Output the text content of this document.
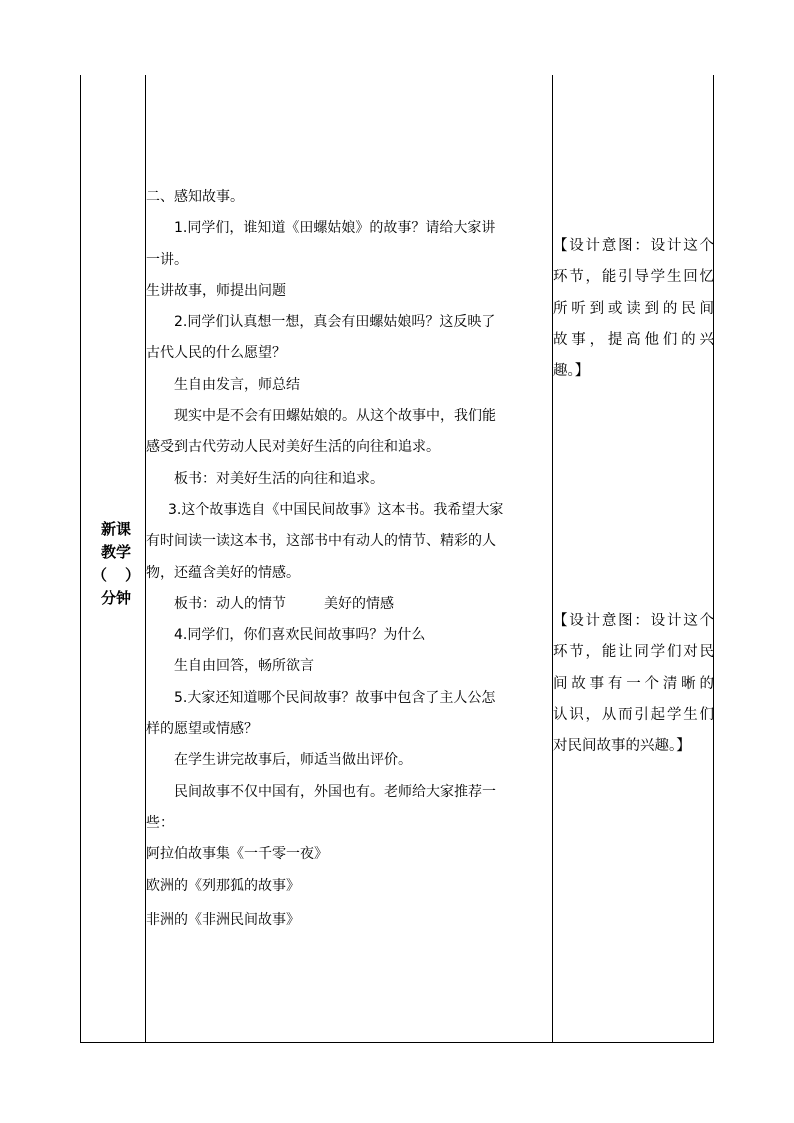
新课
教学
（ ）
分钟

二、感知故事。

1.同学们，谁知道《田螺姑娘》的故事？请给大家讲

一讲。

生讲故事，师提出问题

2.同学们认真想一想，真会有田螺姑娘吗？这反映了

古代人民的什么愿望？

生自由发言，师总结

现实中是不会有田螺姑娘的。从这个故事中，我们能

感受到古代劳动人民对美好生活的向往和追求。

板书：对美好生活的向往和追求。

3.这个故事选自《中国民间故事》这本书。我希望大家

有时间读一读这本书，这部书中有动人的情节、精彩的人

物，还蕴含美好的情感。

板书：动人的情节	美好的情感

4.同学们，你们喜欢民间故事吗？为什么

生自由回答，畅所欲言

5.大家还知道哪个民间故事？故事中包含了主人公怎

样的愿望或情感？

在学生讲完故事后，师适当做出评价。

民间故事不仅中国有，外国也有。老师给大家推荐一

些：

阿拉伯故事集《一千零一夜》

欧洲的《列那狐的故事》

非洲的《非洲民间故事》

【设计意图：设计这个

环节，能引导学生回忆

所听到或读到的民间

故事，提高他们的兴

趣。】

【设计意图：设计这个

环节，能让同学们对民

间故事有一个清晰的

认识，从而引起学生们

对民间故事的兴趣。】
